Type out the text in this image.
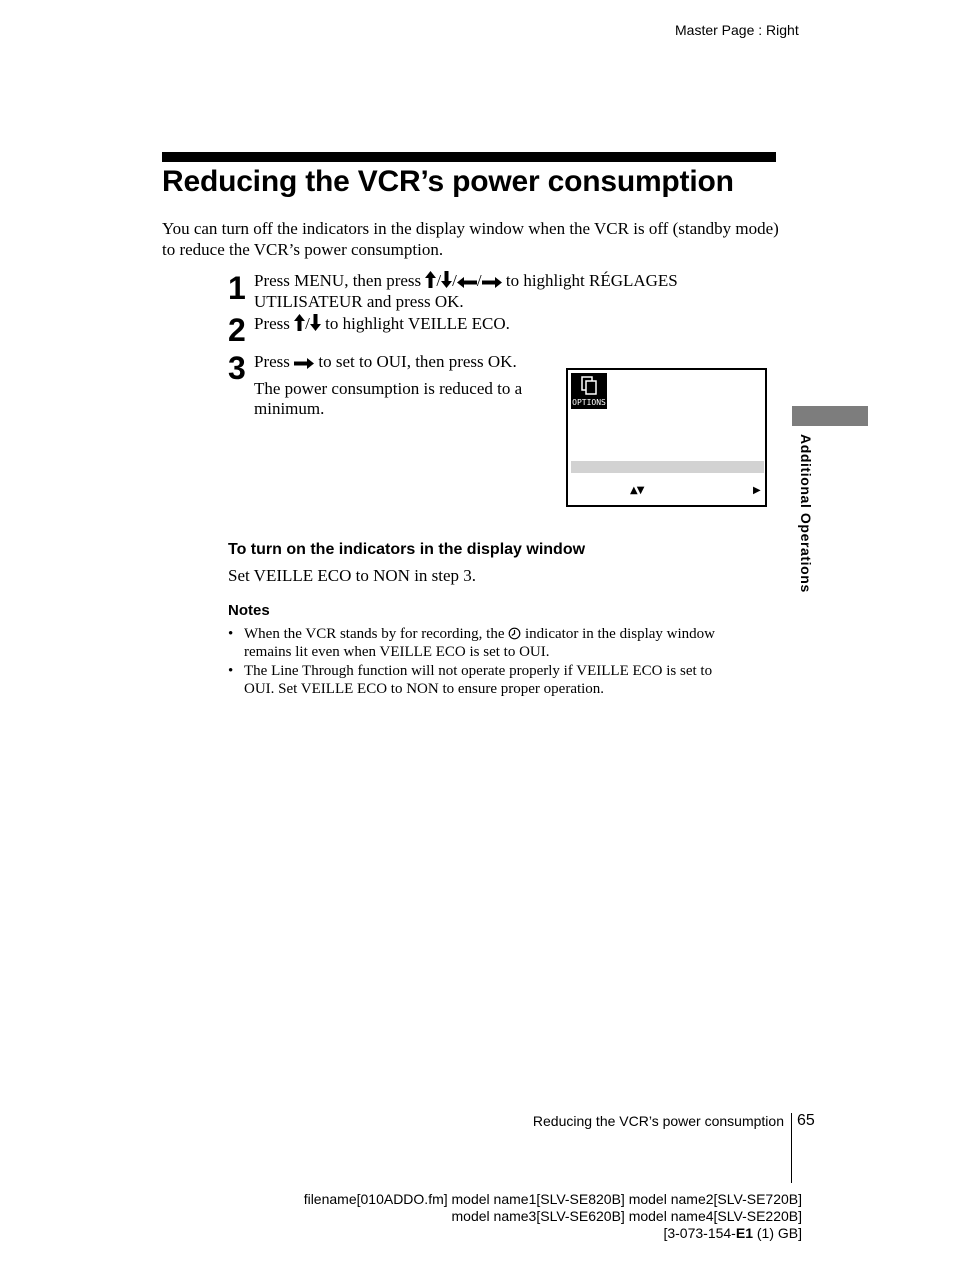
Master Page : Right
Reducing the VCR’s power consumption
You can turn off the indicators in the display window when the VCR is off (standby mode) to reduce the VCR’s power consumption.
1 Press MENU, then press / / / to highlight RÉGLAGES
UTILISATEUR and press OK.
2 Press / to highlight VEILLE ECO.
3 Press  to set to OUI, then press OK.
The power consumption is reduced to a
minimum.	OPTIONS
▲▼	▶
To turn on the indicators in the display window
Set VEILLE ECO to NON in step 3.
Notes
• When the VCR stands by for recording, the  indicator in the display window
remains lit even when VEILLE ECO is set to OUI.
• The Line Through function will not operate properly if VEILLE ECO is set to
OUI. Set VEILLE ECO to NON to ensure proper operation.
Additional Operations
Reducing the VCR’s power consumption 65
filename[010ADDO.fm] model name1[SLV-SE820B] model name2[SLV-SE720B]
model name3[SLV-SE620B] model name4[SLV-SE220B]
[3-073-154-E1 (1) GB]
